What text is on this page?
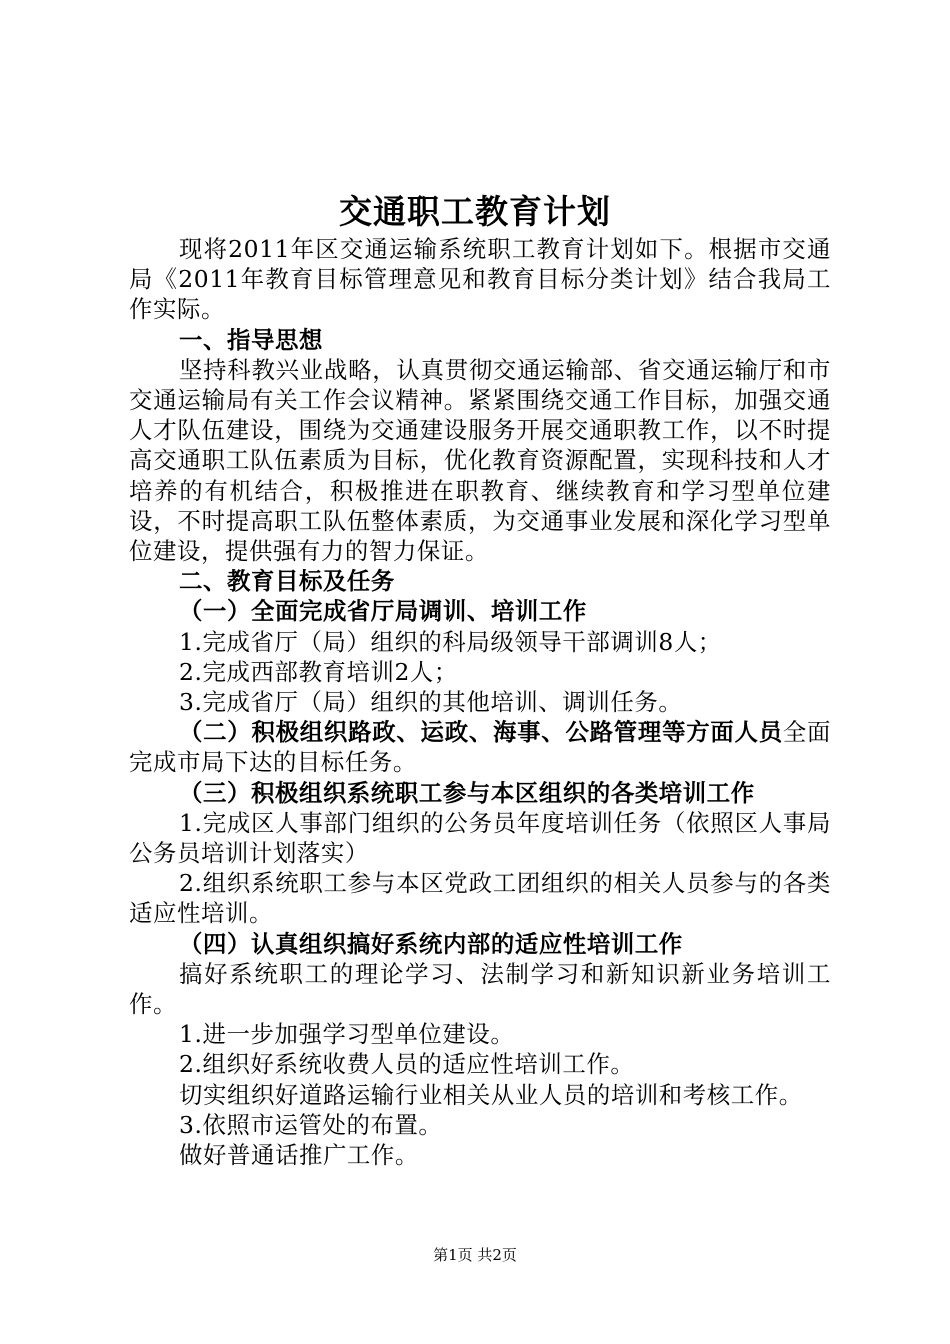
交通职工教育计划

现将2011年区交通运输系统职工教育计划如下。根据市交通局《2011年教育目标管理意见和教育目标分类计划》结合我局工作实际。

一、指导思想

坚持科教兴业战略，认真贯彻交通运输部、省交通运输厅和市交通运输局有关工作会议精神。紧紧围绕交通工作目标，加强交通人才队伍建设，围绕为交通建设服务开展交通职教工作，以不时提高交通职工队伍素质为目标，优化教育资源配置，实现科技和人才培养的有机结合，积极推进在职教育、继续教育和学习型单位建设，不时提高职工队伍整体素质，为交通事业发展和深化学习型单位建设，提供强有力的智力保证。

二、教育目标及任务

（一）全面完成省厅局调训、培训工作

1.完成省厅（局）组织的科局级领导干部调训8人；

2.完成西部教育培训2人；

3.完成省厅（局）组织的其他培训、调训任务。

（二）积极组织路政、运政、海事、公路管理等方面人员全面完成市局下达的目标任务。

（三）积极组织系统职工参与本区组织的各类培训工作

1.完成区人事部门组织的公务员年度培训任务（依照区人事局公务员培训计划落实）

2.组织系统职工参与本区党政工团组织的相关人员参与的各类适应性培训。

（四）认真组织搞好系统内部的适应性培训工作

搞好系统职工的理论学习、法制学习和新知识新业务培训工作。

1.进一步加强学习型单位建设。

2.组织好系统收费人员的适应性培训工作。

切实组织好道路运输行业相关从业人员的培训和考核工作。

3.依照市运管处的布置。

做好普通话推广工作。

第1页 共2页
